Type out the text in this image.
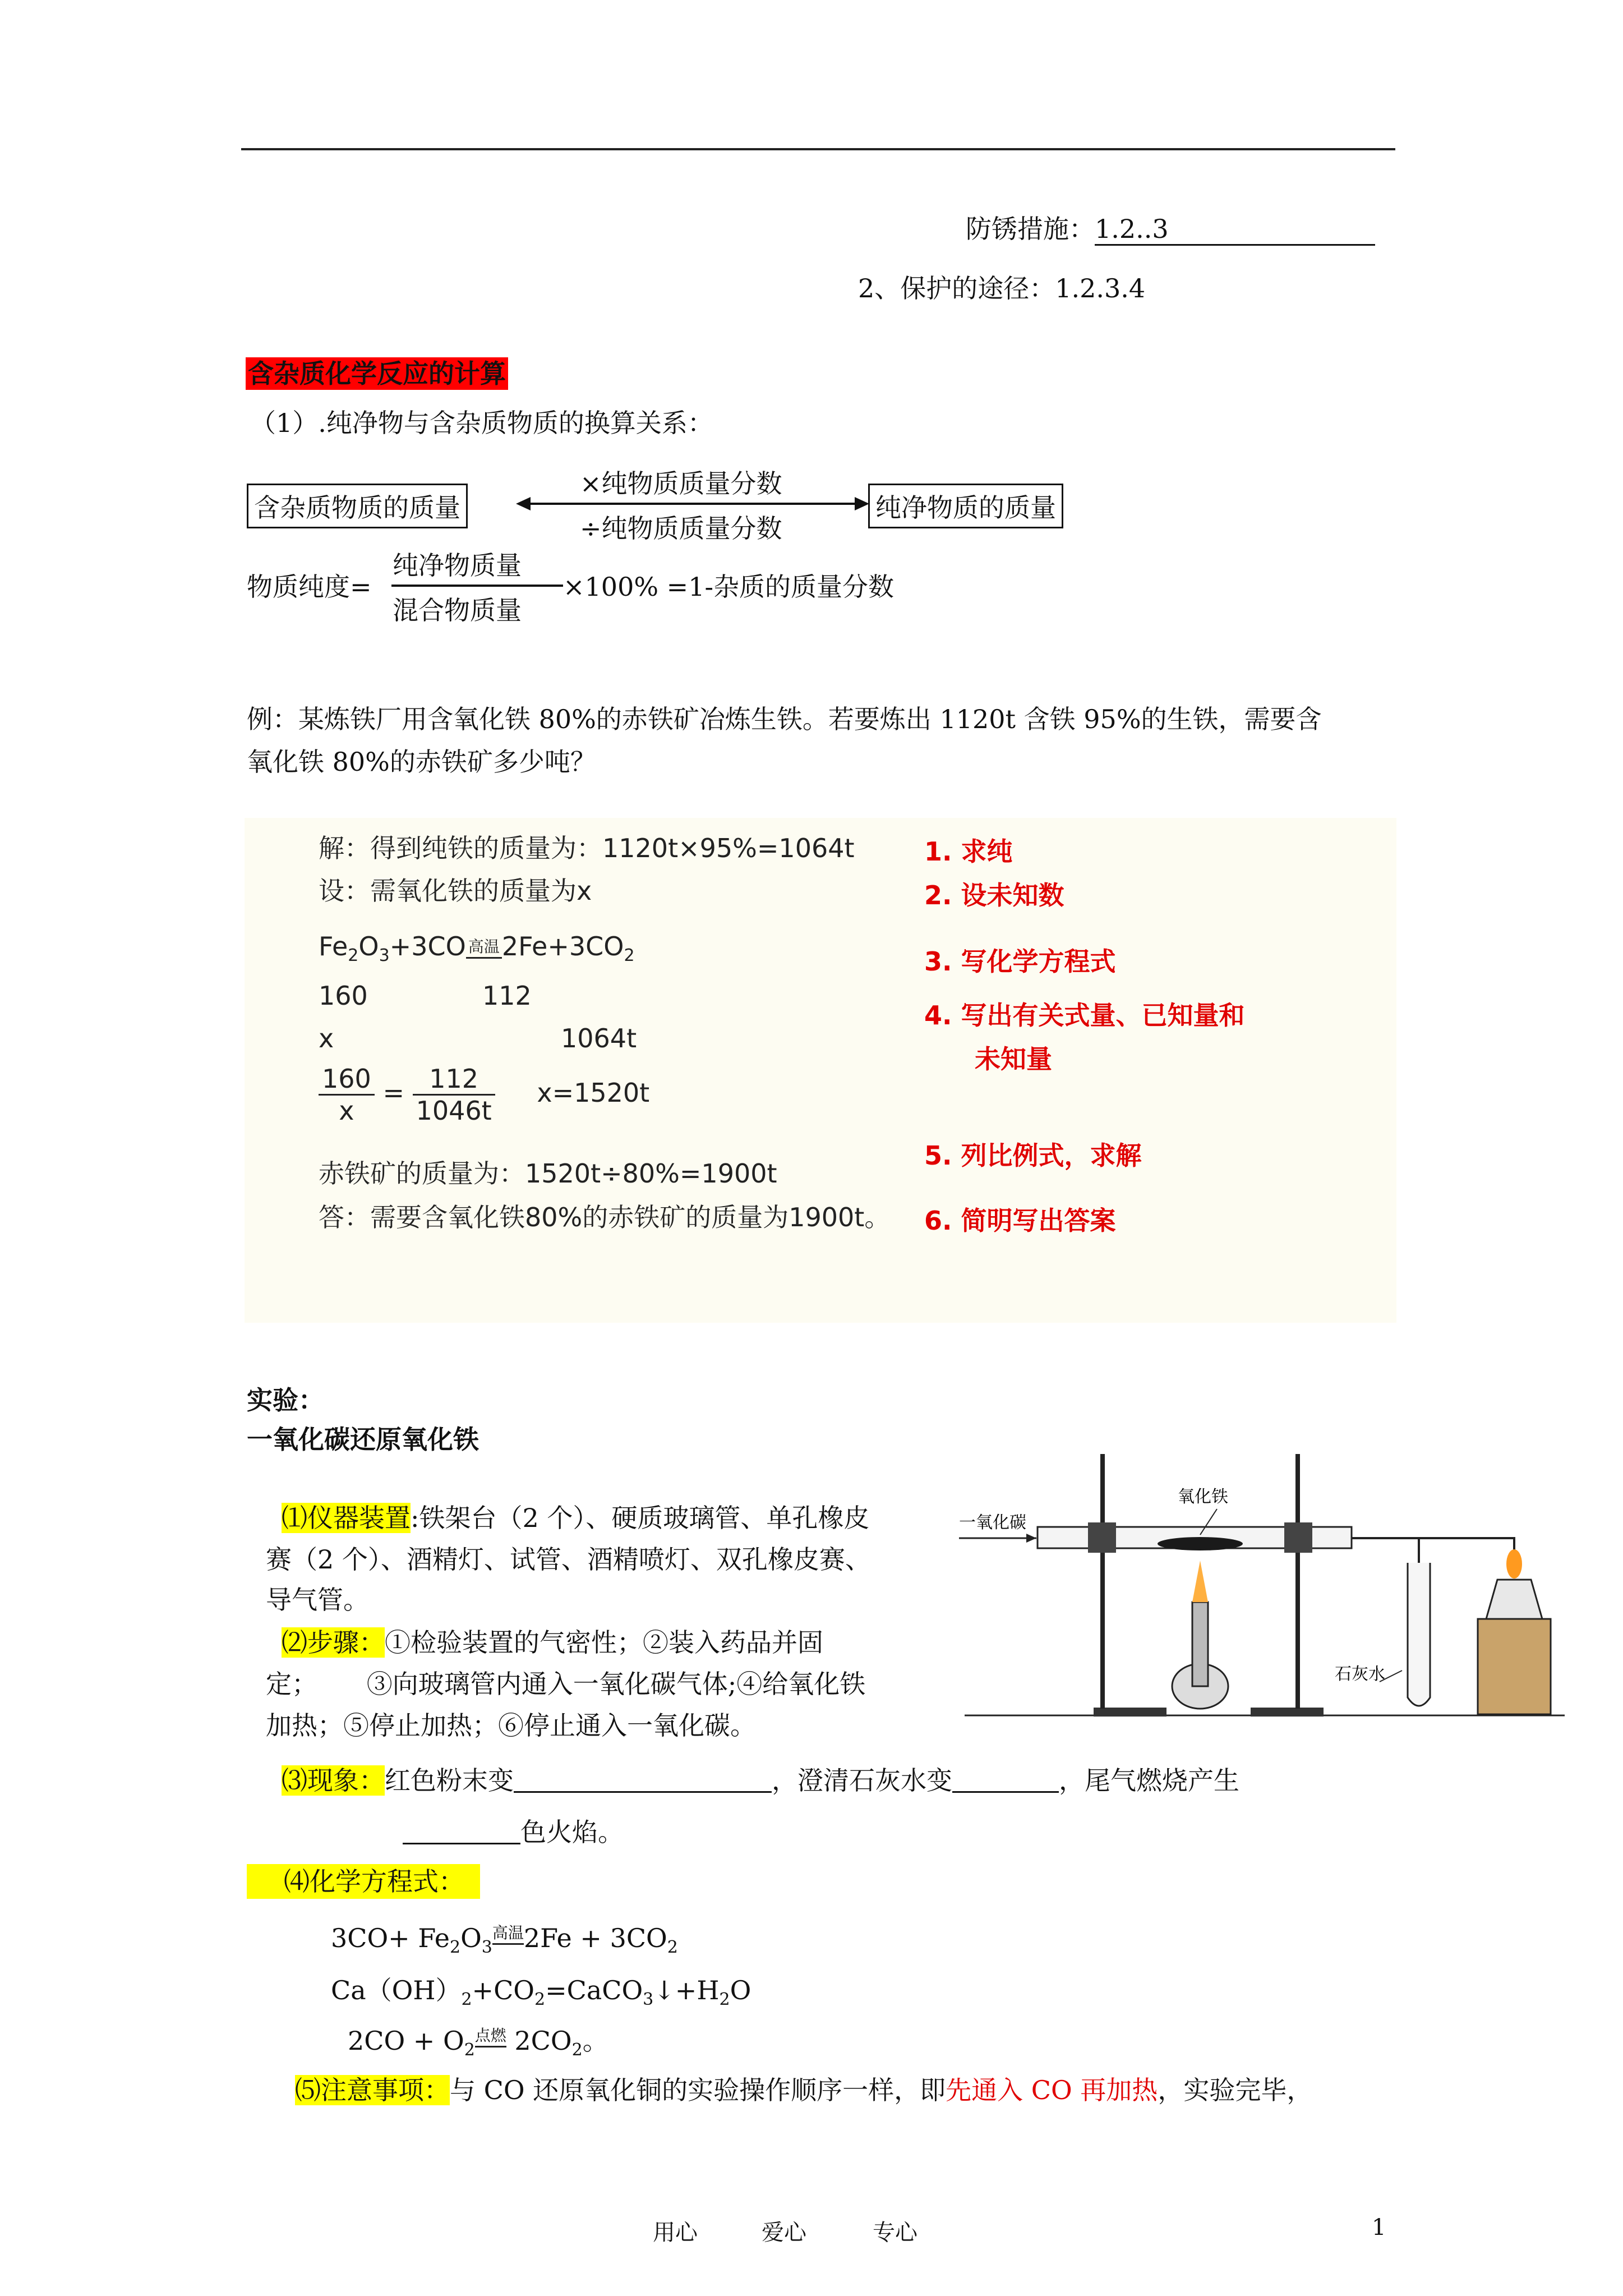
防锈措施：1.2..3
2、保护的途径：1.2.3.4
含杂质化学反应的计算
（1）.纯净物与含杂质物质的换算关系：
含杂质物质的质量	纯净物质的质量
×纯物质质量分数
÷纯物质质量分数
物质纯度=
纯净物质量
混合物质量
×100% =1-杂质的质量分数
例：某炼铁厂用含氧化铁 80%的赤铁矿冶炼生铁。若要炼出 1120t 含铁 95%的生铁，需要含
氧化铁 80%的赤铁矿多少吨？
解：得到纯铁的质量为：1120t×95%=1064t
设：需氧化铁的质量为x
$Fe_2O_3+3CO$ 高温 $2Fe+3CO_2$
160	112
x	1064t
$\frac{160}{x} = \frac{112}{1046t} x=1520t$
赤铁矿的质量为：1520t÷80%=1900t
答：需要含氧化铁80%的赤铁矿的质量为1900t。
1. 求纯
2. 设未知数
3. 写化学方程式
4. 写出有关式量、已知量和
未知量
5. 列比例式，求解
6. 简明写出答案
实验：
一氧化碳还原氧化铁
⑴仪器装置:铁架台（2 个）、硬质玻璃管、单孔橡皮
赛（2 个）、酒精灯、试管、酒精喷灯、双孔橡皮赛、
导气管。
⑵步骤：①检验装置的气密性；②装入药品并固
定；      ③向玻璃管内通入一氧化碳气体;④给氧化铁
加热；⑤停止加热；⑥停止通入一氧化碳。
⑶现象：红色粉末变	，澄清石灰水变	，尾气燃烧产生
色火焰。
⑷化学方程式：
$3CO+ Fe_2O_3$
高温 $2Fe + 3CO_2$
$Ca(OH)_2+CO_2=CaCO_3↓+H_2O$
$2CO + O_2$
点燃 $2CO_2$。
⑸注意事项：与 CO 还原氧化铜的实验操作顺序一样，即先通入 CO 再加热，实验完毕，
一氧化碳
氧化铁
石灰水
用心	爱心	专心	1
